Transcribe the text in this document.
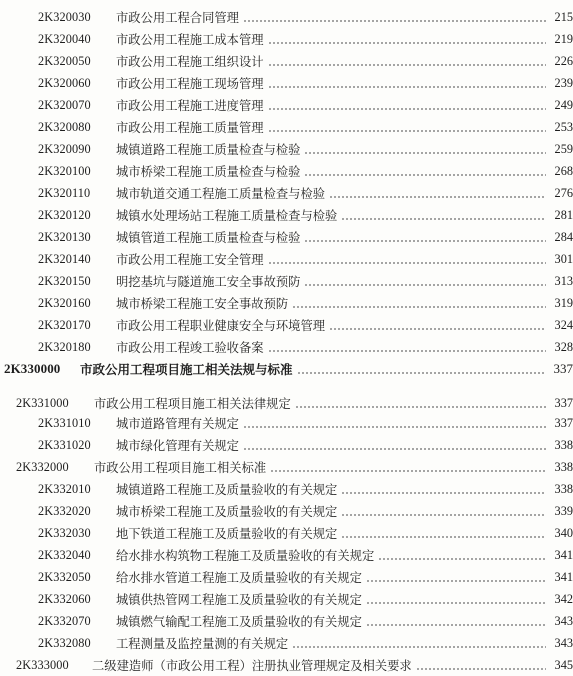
2K320030	市政公用工程合同管理	215
2K320040	市政公用工程施工成本管理	219
2K320050	市政公用工程施工组织设计	226
2K320060	市政公用工程施工现场管理	239
2K320070	市政公用工程施工进度管理	249
2K320080	市政公用工程施工质量管理	253
2K320090	城镇道路工程施工质量检查与检验	259
2K320100	城市桥梁工程施工质量检查与检验	268
2K320110	城市轨道交通工程施工质量检查与检验	276
2K320120	城镇水处理场站工程施工质量检查与检验	281
2K320130	城镇管道工程施工质量检查与检验	284
2K320140	市政公用工程施工安全管理	301
2K320150	明挖基坑与隧道施工安全事故预防	313
2K320160	城市桥梁工程施工安全事故预防	319
2K320170	市政公用工程职业健康安全与环境管理	324
2K320180	市政公用工程竣工验收备案	328
2K330000	市政公用工程项目施工相关法规与标准	337
2K331000	市政公用工程项目施工相关法律规定	337
2K331010	城市道路管理有关规定	337
2K331020	城市绿化管理有关规定	338
2K332000	市政公用工程项目施工相关标准	338
2K332010	城镇道路工程施工及质量验收的有关规定	338
2K332020	城市桥梁工程施工及质量验收的有关规定	339
2K332030	地下铁道工程施工及质量验收的有关规定	340
2K332040	给水排水构筑物工程施工及质量验收的有关规定	341
2K332050	给水排水管道工程施工及质量验收的有关规定	341
2K332060	城镇供热管网工程施工及质量验收的有关规定	342
2K332070	城镇燃气输配工程施工及质量验收的有关规定	343
2K332080	工程测量及监控量测的有关规定	343
2K333000	二级建造师（市政公用工程）注册执业管理规定及相关要求	345
